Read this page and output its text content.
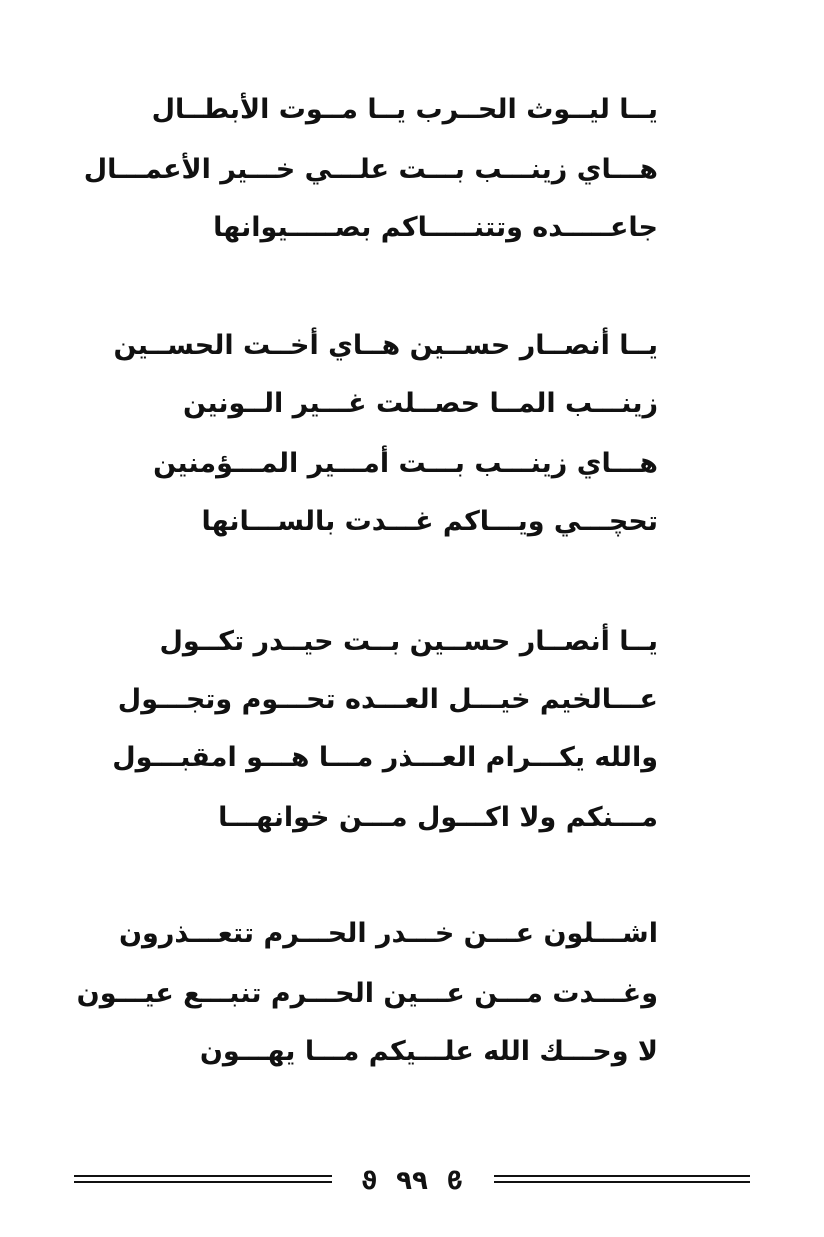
يــا ليــوث الحــرب يــا مــوت الأبطــال
هـــاي زينـــب بـــت علـــي خـــير الأعمـــال
جاعـــــده وتتنـــــاكم بصـــــيوانها
يــا أنصــار حســين هــاي أخــت الحســين
زينـــب المــا حصــلت غـــير الــونين
هـــاي زينـــب بـــت أمـــير المـــؤمنين
تحچـــي ويـــاكم غـــدت بالســـانها
يــا أنصــار حســين بــت حيــدر تكــول
عـــالخيم خيـــل العـــده تحـــوم وتجـــول
والله يكـــرام العـــذر مـــا هـــو امقبـــول
مـــنكم ولا اكـــول مـــن خوانهـــا
اشـــلون عـــن خـــدر الحـــرم تتعـــذرون
وغـــدت مـــن عـــين الحـــرم تنبـــع عيـــون
لا وحـــك الله علـــيكم مـــا يهـــون
ϑ ٩٩ ϑ
